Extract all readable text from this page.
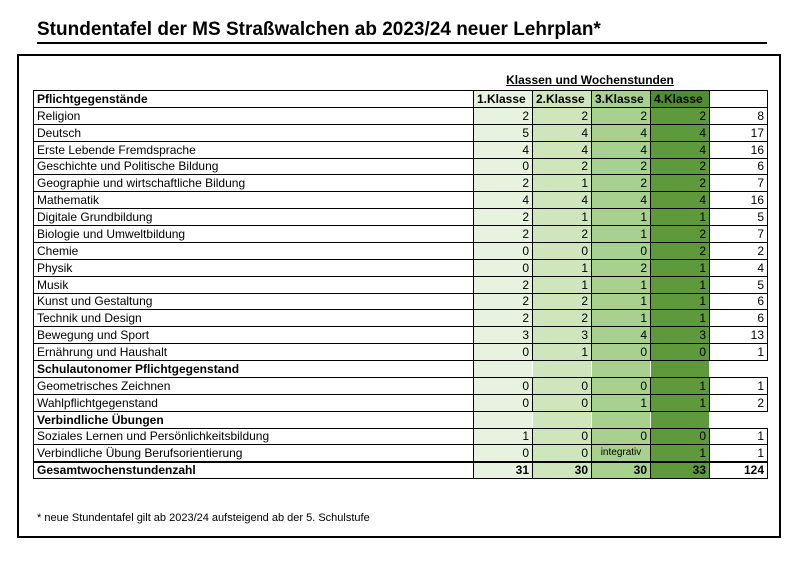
Stundentafel der MS Straßwalchen ab 2023/24 neuer Lehrplan*
Klassen und Wochenstunden
Pflichtgegenstände	1.Klasse	2.Klasse	3.Klasse	4.Klasse	
Religion	2	2	2	2	8
Deutsch	5	4	4	4	17
Erste Lebende Fremdsprache	4	4	4	4	16
Geschichte und Politische Bildung	0	2	2	2	6
Geographie und wirtschaftliche Bildung	2	1	2	2	7
Mathematik	4	4	4	4	16
Digitale Grundbildung	2	1	1	1	5
Biologie und Umweltbildung	2	2	1	2	7
Chemie	0	0	0	2	2
Physik	0	1	2	1	4
Musik	2	1	1	1	5
Kunst und Gestaltung	2	2	1	1	6
Technik und Design	2	2	1	1	6
Bewegung und Sport	3	3	4	3	13
Ernährung und Haushalt	0	1	0	0	1
Schulautonomer Pflichtgegenstand					
Geometrisches Zeichnen	0	0	0	1	1
Wahlpflichtgegenstand	0	0	1	1	2
Verbindliche Übungen					
Soziales Lernen und Persönlichkeitsbildung	1	0	0	0	1
Verbindliche Übung Berufsorientierung	0	0	integrativ	1	1
Gesamtwochenstundenzahl	31	30	30	33	124
* neue Stundentafel gilt ab 2023/24 aufsteigend ab der 5. Schulstufe
